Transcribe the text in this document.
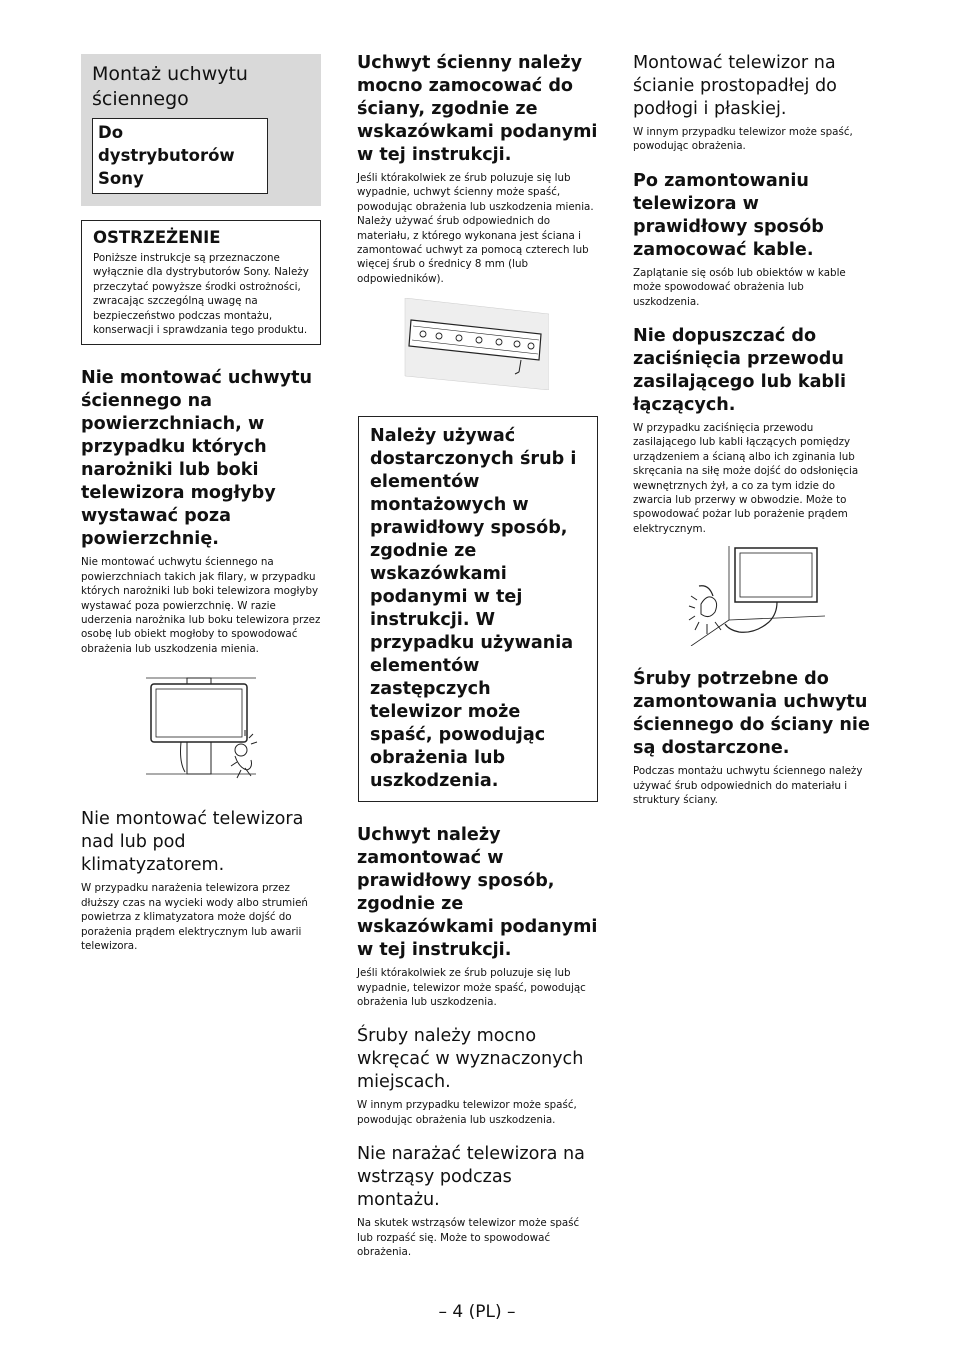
Montaż uchwytu ściennego
Do dystrybutorów Sony
OSTRZEŻENIE

Poniższe instrukcje są przeznaczone wyłącznie dla dystrybutorów Sony. Należy przeczytać powyższe środki ostrożności, zwracając szczególną uwagę na bezpieczeństwo podczas montażu, konserwacji i sprawdzania tego produktu.

Nie montować uchwytu ściennego na powierzchniach, w przypadku których narożniki lub boki telewizora mogłyby wystawać poza powierzchnię.

Nie montować uchwytu ściennego na powierzchniach takich jak filary, w przypadku których narożniki lub boki telewizora mogłyby wystawać poza powierzchnię. W razie uderzenia narożnika lub boku telewizora przez osobę lub obiekt mogłoby to spowodować obrażenia lub uszkodzenia mienia.

Nie montować telewizora nad lub pod klimatyzatorem.

W przypadku narażenia telewizora przez dłuższy czas na wycieki wody albo strumień powietrza z klimatyzatora może dojść do porażenia prądem elektrycznym lub awarii telewizora.

Uchwyt ścienny należy mocno zamocować do ściany, zgodnie ze wskazówkami podanymi w tej instrukcji.

Jeśli którakolwiek ze śrub poluzuje się lub wypadnie, uchwyt ścienny może spaść, powodując obrażenia lub uszkodzenia mienia. Należy używać śrub odpowiednich do materiału, z którego wykonana jest ściana i zamontować uchwyt za pomocą czterech lub więcej śrub o średnicy 8 mm (lub odpowiedników).

Należy używać dostarczonych śrub i elementów montażowych w prawidłowy sposób, zgodnie ze wskazówkami podanymi w tej instrukcji. W przypadku używania elementów zastępczych telewizor może spaść, powodując obrażenia lub uszkodzenia.
Uchwyt należy zamontować w prawidłowy sposób, zgodnie ze wskazówkami podanymi w tej instrukcji.

Jeśli którakolwiek ze śrub poluzuje się lub wypadnie, telewizor może spaść, powodując obrażenia lub uszkodzenia.

Śruby należy mocno wkręcać w wyznaczonych miejscach.

W innym przypadku telewizor może spaść, powodując obrażenia lub uszkodzenia.

Nie narażać telewizora na wstrząsy podczas montażu.

Na skutek wstrząsów telewizor może spaść lub rozpaść się. Może to spowodować obrażenia.

Montować telewizor na ścianie prostopadłej do podłogi i płaskiej.

W innym przypadku telewizor może spaść, powodując obrażenia.

Po zamontowaniu telewizora w prawidłowy sposób zamocować kable.

Zaplątanie się osób lub obiektów w kable może spowodować obrażenia lub uszkodzenia.

Nie dopuszczać do zaciśnięcia przewodu zasilającego lub kabli łączących.

W przypadku zaciśnięcia przewodu zasilającego lub kabli łączących pomiędzy urządzeniem a ścianą albo ich zginania lub skręcania na siłę może dojść do odsłonięcia wewnętrznych żył, a co za tym idzie do zwarcia lub przerwy w obwodzie. Może to spowodować pożar lub porażenie prądem elektrycznym.

Śruby potrzebne do zamontowania uchwytu ściennego do ściany nie są dostarczone.

Podczas montażu uchwytu ściennego należy używać śrub odpowiednich do materiału i struktury ściany.

– 4 (PL) –
